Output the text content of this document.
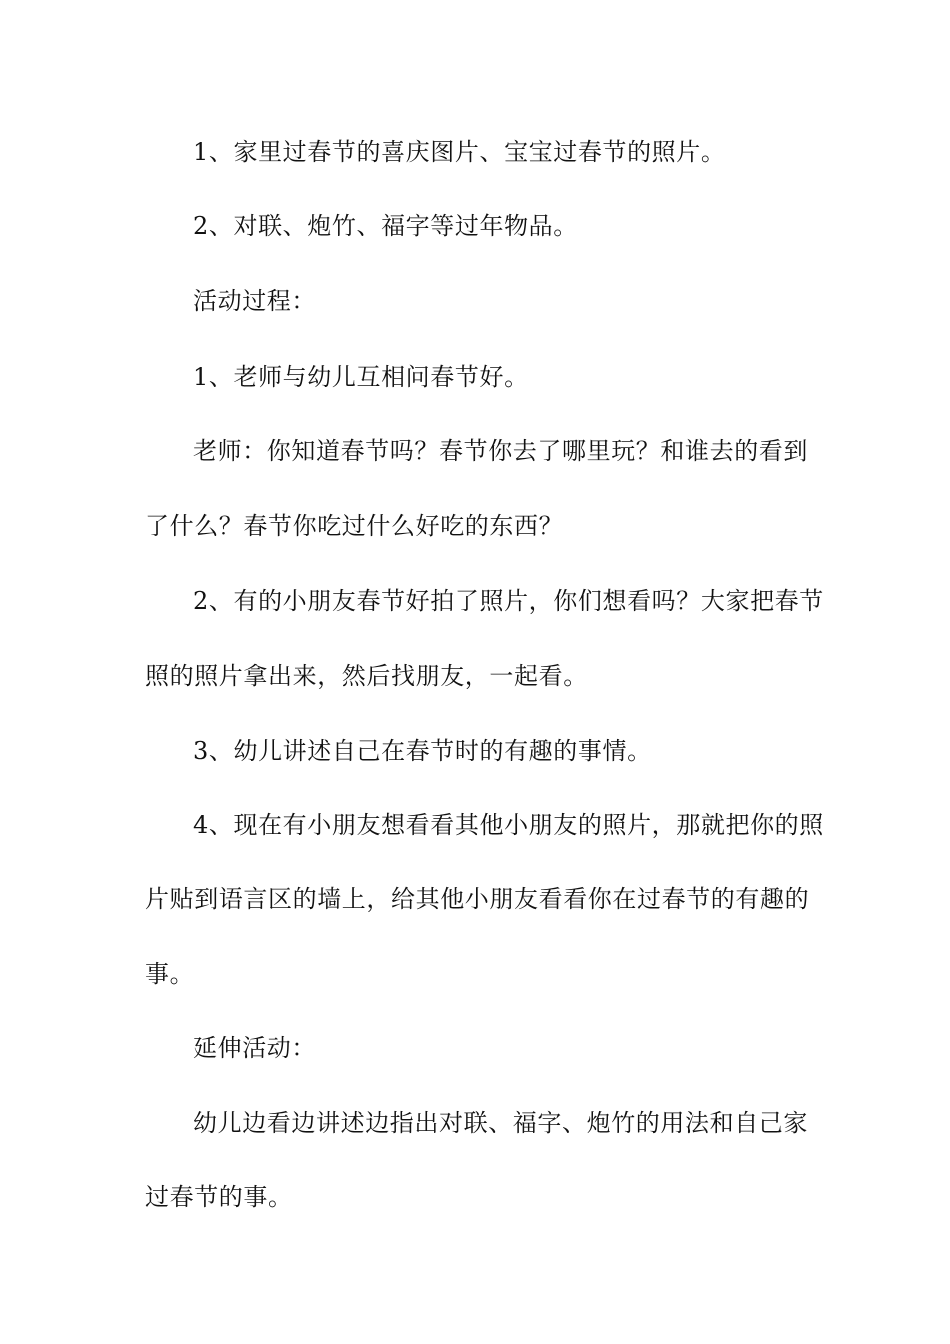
1、家里过春节的喜庆图片、宝宝过春节的照片。
2、对联、炮竹、福字等过年物品。
活动过程：
1、老师与幼儿互相问春节好。
老师：你知道春节吗？春节你去了哪里玩？和谁去的看到
了什么？春节你吃过什么好吃的东西？
2、有的小朋友春节好拍了照片，你们想看吗？大家把春节
照的照片拿出来，然后找朋友，一起看。
3、幼儿讲述自己在春节时的有趣的事情。
4、现在有小朋友想看看其他小朋友的照片，那就把你的照
片贴到语言区的墙上，给其他小朋友看看你在过春节的有趣的
事。
延伸活动：
幼儿边看边讲述边指出对联、福字、炮竹的用法和自己家
过春节的事。
